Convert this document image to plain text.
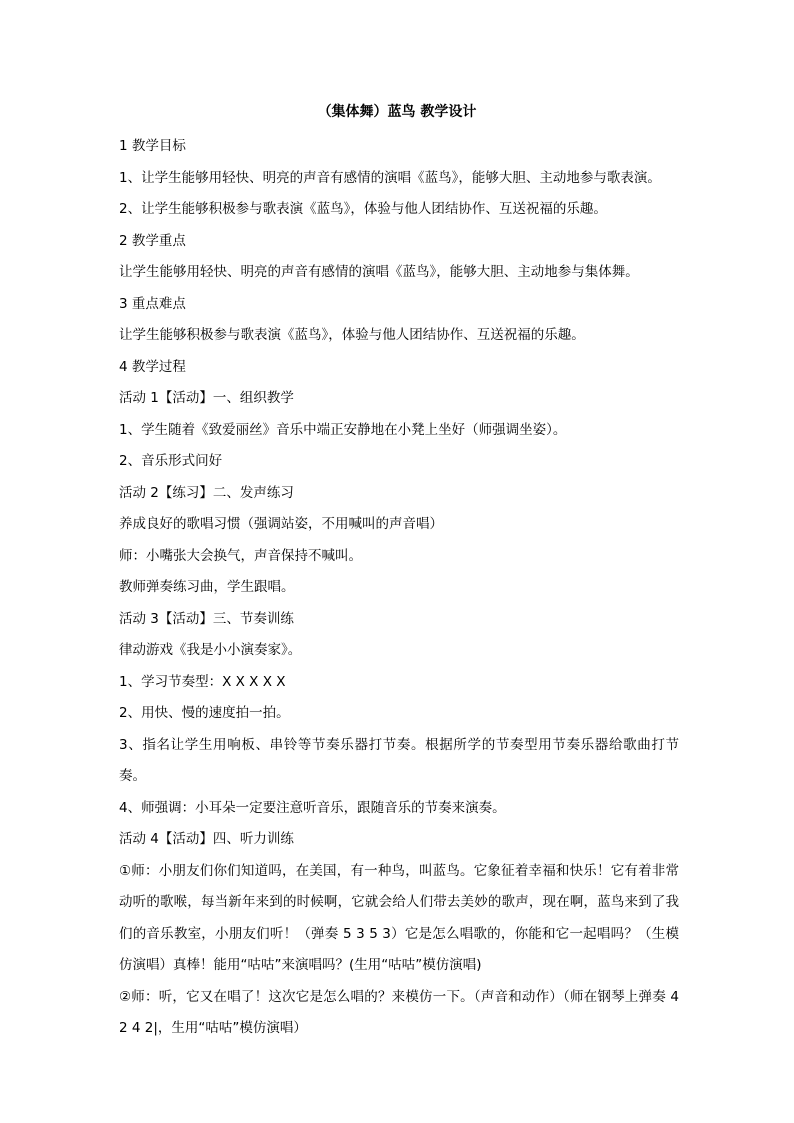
（集体舞）蓝鸟 教学设计

1 教学目标

1、让学生能够用轻快、明亮的声音有感情的演唱《蓝鸟》，能够大胆、主动地参与歌表演。

2、让学生能够积极参与歌表演《蓝鸟》，体验与他人团结协作、互送祝福的乐趣。

2 教学重点

让学生能够用轻快、明亮的声音有感情的演唱《蓝鸟》，能够大胆、主动地参与集体舞。

3 重点难点

让学生能够积极参与歌表演《蓝鸟》，体验与他人团结协作、互送祝福的乐趣。

4 教学过程

活动 1【活动】一、组织教学

1、学生随着《致爱丽丝》音乐中端正安静地在小凳上坐好（师强调坐姿）。

2、音乐形式问好

活动 2【练习】二、发声练习

养成良好的歌唱习惯（强调站姿，不用喊叫的声音唱）

师：小嘴张大会换气，声音保持不喊叫。

教师弹奏练习曲，学生跟唱。

活动 3【活动】三、节奏训练

律动游戏《我是小小演奏家》。

1、学习节奏型：X X X X X

2、用快、慢的速度拍一拍。

3、指名让学生用响板、串铃等节奏乐器打节奏。根据所学的节奏型用节奏乐器给歌曲打节奏。

4、师强调：小耳朵一定要注意听音乐，跟随音乐的节奏来演奏。

活动 4【活动】四、听力训练

①师：小朋友们你们知道吗，在美国，有一种鸟，叫蓝鸟。它象征着幸福和快乐！它有着非常动听的歌喉，每当新年来到的时候啊，它就会给人们带去美妙的歌声，现在啊，蓝鸟来到了我们的音乐教室，小朋友们听！（弹奏 5 3 5 3）它是怎么唱歌的，你能和它一起唱吗？（生模仿演唱）真棒！能用“咕咕”来演唱吗？(生用“咕咕”模仿演唱)

②师：听，它又在唱了！这次它是怎么唱的？来模仿一下。（声音和动作）（师在钢琴上弹奏 4 2 4 2|，生用“咕咕”模仿演唱）
